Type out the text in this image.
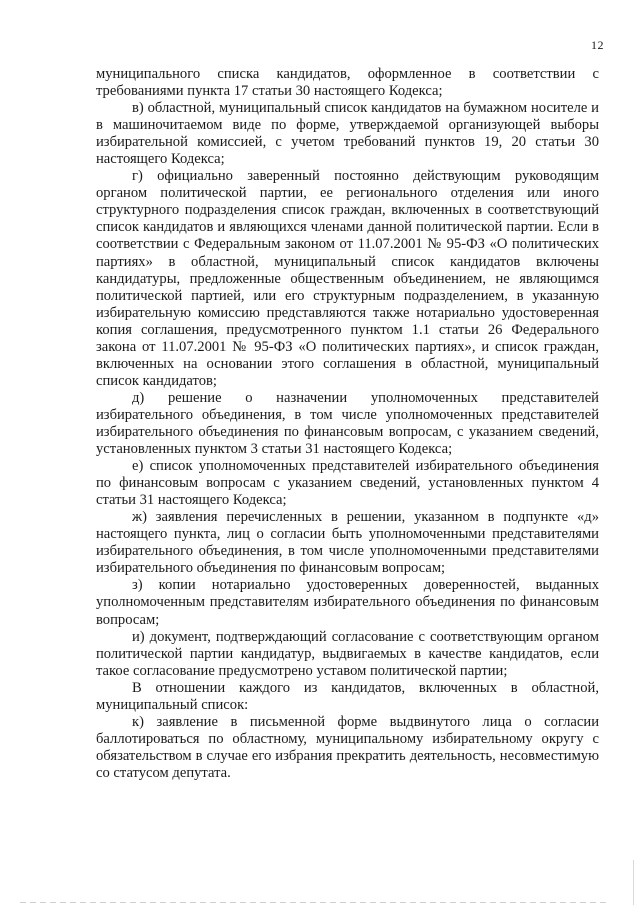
12

муниципального списка кандидатов, оформленное в соответствии с требованиями пункта 17 статьи 30 настоящего Кодекса;

в) областной, муниципальный список кандидатов на бумажном носителе и в машиночитаемом виде по форме, утверждаемой организующей выборы избирательной комиссией, с учетом требований пунктов 19, 20 статьи 30 настоящего Кодекса;

г) официально заверенный постоянно действующим руководящим органом политической партии, ее регионального отделения или иного структурного подразделения список граждан, включенных в соответствующий список кандидатов и являющихся членами данной политической партии. Если в соответствии с Федеральным законом от 11.07.2001 № 95-ФЗ «О политических партиях» в областной, муниципальный список кандидатов включены кандидатуры, предложенные общественным объединением, не являющимся политической партией, или его структурным подразделением, в указанную избирательную комиссию представляются также нотариально удостоверенная копия соглашения, предусмотренного пунктом 1.1 статьи 26 Федерального закона от 11.07.2001 № 95-ФЗ «О политических партиях», и список граждан, включенных на основании этого соглашения в областной, муниципальный список кандидатов;

д) решение о назначении уполномоченных представителей избирательного объединения, в том числе уполномоченных представителей избирательного объединения по финансовым вопросам, с указанием сведений, установленных пунктом 3 статьи 31 настоящего Кодекса;

е) список уполномоченных представителей избирательного объединения по финансовым вопросам с указанием сведений, установленных пунктом 4 статьи 31 настоящего Кодекса;

ж) заявления перечисленных в решении, указанном в подпункте «д» настоящего пункта, лиц о согласии быть уполномоченными представителями избирательного объединения, в том числе уполномоченными представителями избирательного объединения по финансовым вопросам;

з) копии нотариально удостоверенных доверенностей, выданных уполномоченным представителям избирательного объединения по финансовым вопросам;

и) документ, подтверждающий согласование с соответствующим органом политической партии кандидатур, выдвигаемых в качестве кандидатов, если такое согласование предусмотрено уставом политической партии;

В отношении каждого из кандидатов, включенных в областной, муниципальный список:

к) заявление в письменной форме выдвинутого лица о согласии баллотироваться по областному, муниципальному избирательному округу с обязательством в случае его избрания прекратить деятельность, несовместимую со статусом депутата.
